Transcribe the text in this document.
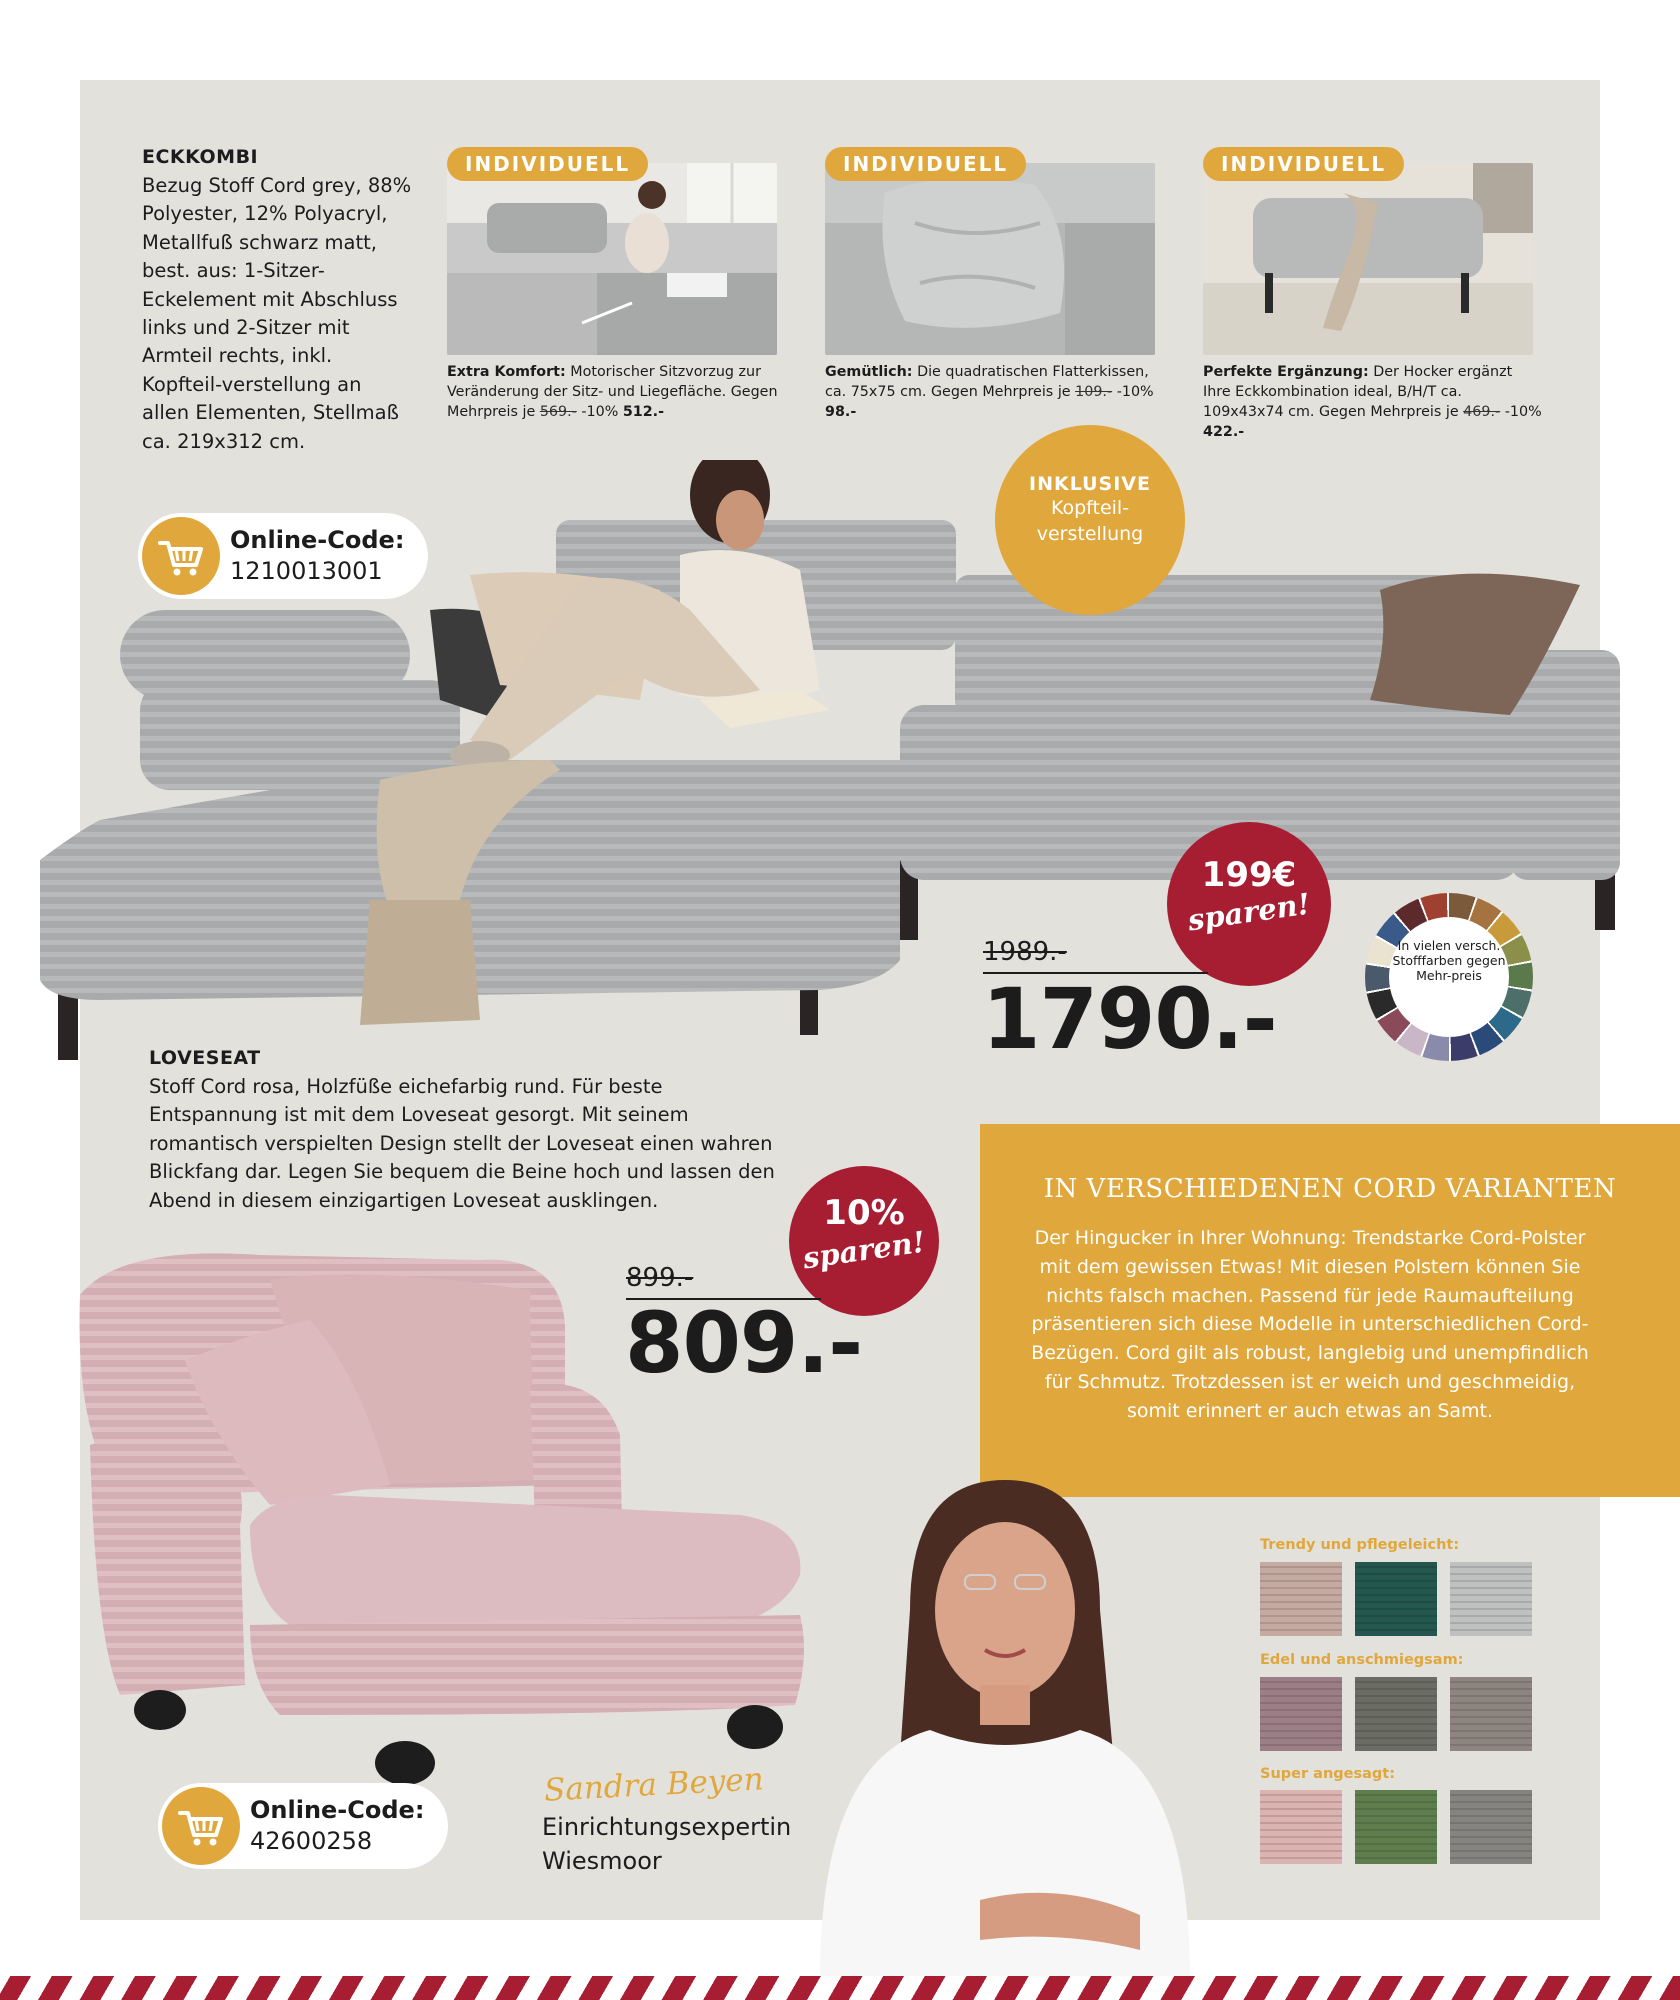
ECKKOMBI
Bezug Stoff Cord grey, 88% Polyester, 12% Polyacryl, Metallfuß schwarz matt, best. aus: 1-Sitzer-Eckelement mit Abschluss links und 2-Sitzer mit Armteil rechts, inkl. Kopfteil-verstellung an allen Elementen, Stellmaß ca. 219x312 cm.
Online-Code:
1210013001
INDIVIDUELL
Extra Komfort: Motorischer Sitzvorzug zur Veränderung der Sitz- und Liegefläche. Gegen Mehrpreis je 569.- -10% 512.-
INDIVIDUELL
Gemütlich: Die quadratischen Flatterkissen, ca. 75x75 cm. Gegen Mehrpreis je 109.- -10% 98.-
INDIVIDUELL
Perfekte Ergänzung: Der Hocker ergänzt Ihre Eckkombination ideal, B/H/T ca. 109x43x74 cm. Gegen Mehrpreis je 469.- -10% 422.-
INKLUSIVE
Kopfteil-
verstellung
199€
sparen!
1989.-
1790.-
In vielen versch. Stofffarben gegen Mehr-preis
LOVESEAT
Stoff Cord rosa, Holzfüße eichefarbig rund. Für beste Entspannung ist mit dem Loveseat gesorgt. Mit seinem romantisch verspielten Design stellt der Loveseat einen wahren Blickfang dar. Legen Sie bequem die Beine hoch und lassen den Abend in diesem einzigartigen Loveseat ausklingen.	10%
sparen!
899.-
809.-
Online-Code:
42600258
IN VERSCHIEDENEN CORD VARIANTEN
Der Hingucker in Ihrer Wohnung: Trendstarke Cord-Polster mit dem gewissen Etwas! Mit diesen Polstern können Sie nichts falsch machen. Passend für jede Raumaufteilung präsentieren sich diese Modelle in unterschiedlichen Cord-Bezügen. Cord gilt als robust, langlebig und unempfindlich für Schmutz. Trotzdessen ist er weich und geschmeidig, somit erinnert er auch etwas an Samt.
Trendy und pflegeleicht:
Edel und anschmiegsam:
Super angesagt:
Sandra Beyen
Einrichtungsexpertin
Wiesmoor
